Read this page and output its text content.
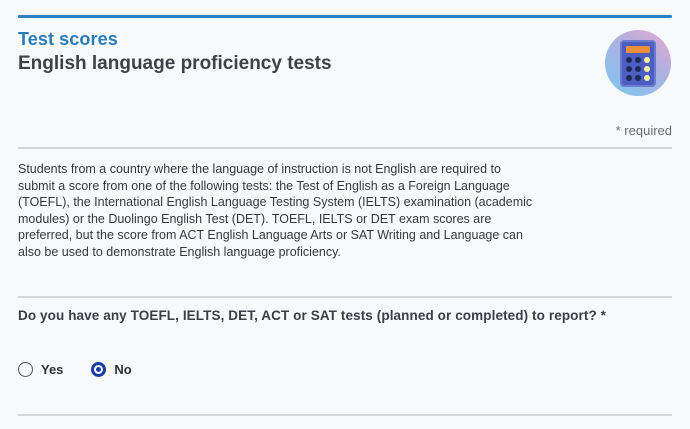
Test scores
English language proficiency tests
* required
Students from a country where the language of instruction is not English are required to submit a score from one of the following tests: the Test of English as a Foreign Language (TOEFL), the International English Language Testing System (IELTS) examination (academic modules) or the Duolingo English Test (DET). TOEFL, IELTS or DET exam scores are preferred, but the score from ACT English Language Arts or SAT Writing and Language can also be used to demonstrate English language proficiency.
Do you have any TOEFL, IELTS, DET, ACT or SAT tests (planned or completed) to report? *
Yes	No
